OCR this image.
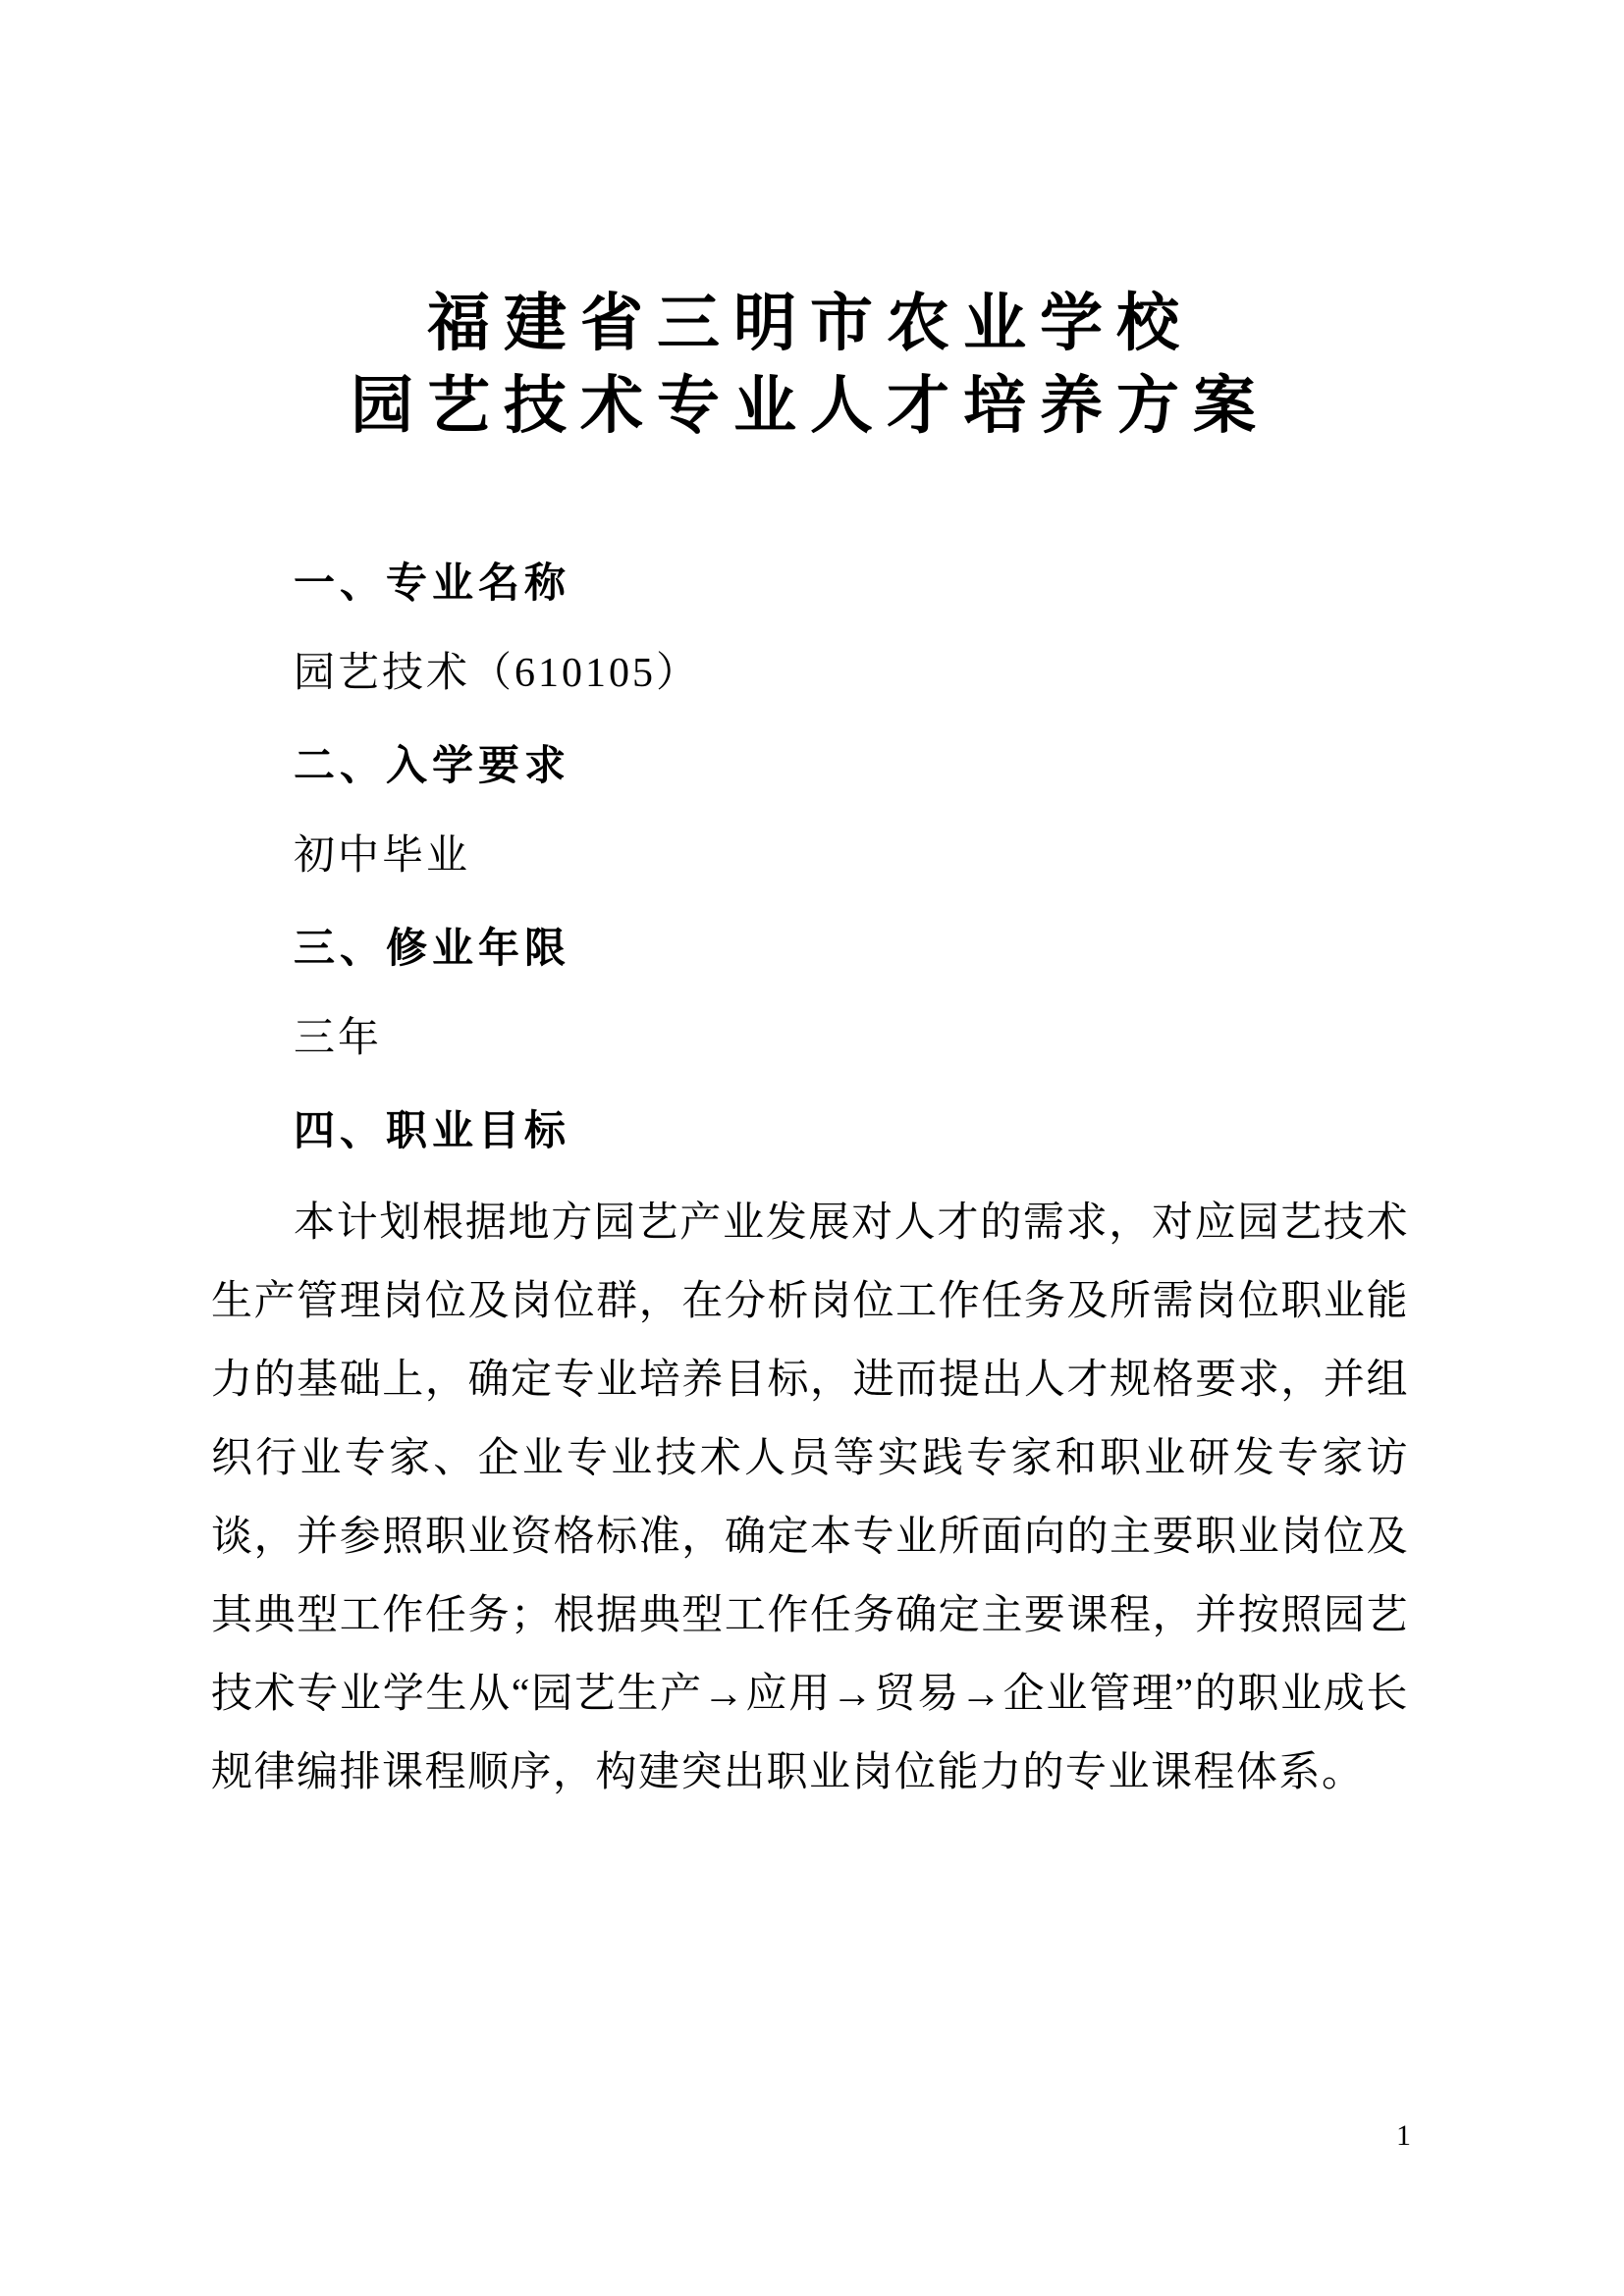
福建省三明市农业学校
园艺技术专业人才培养方案
一、专业名称

园艺技术（610105）

二、入学要求

初中毕业

三、修业年限

三年

四、职业目标

本计划根据地方园艺产业发展对人才的需求，对应园艺技术生产管理岗位及岗位群，在分析岗位工作任务及所需岗位职业能力的基础上，确定专业培养目标，进而提出人才规格要求，并组织行业专家、企业专业技术人员等实践专家和职业研发专家访谈，并参照职业资格标准，确定本专业所面向的主要职业岗位及其典型工作任务；根据典型工作任务确定主要课程，并按照园艺技术专业学生从“园艺生产→应用→贸易→企业管理”的职业成长规律编排课程顺序，构建突出职业岗位能力的专业课程体系。

1
